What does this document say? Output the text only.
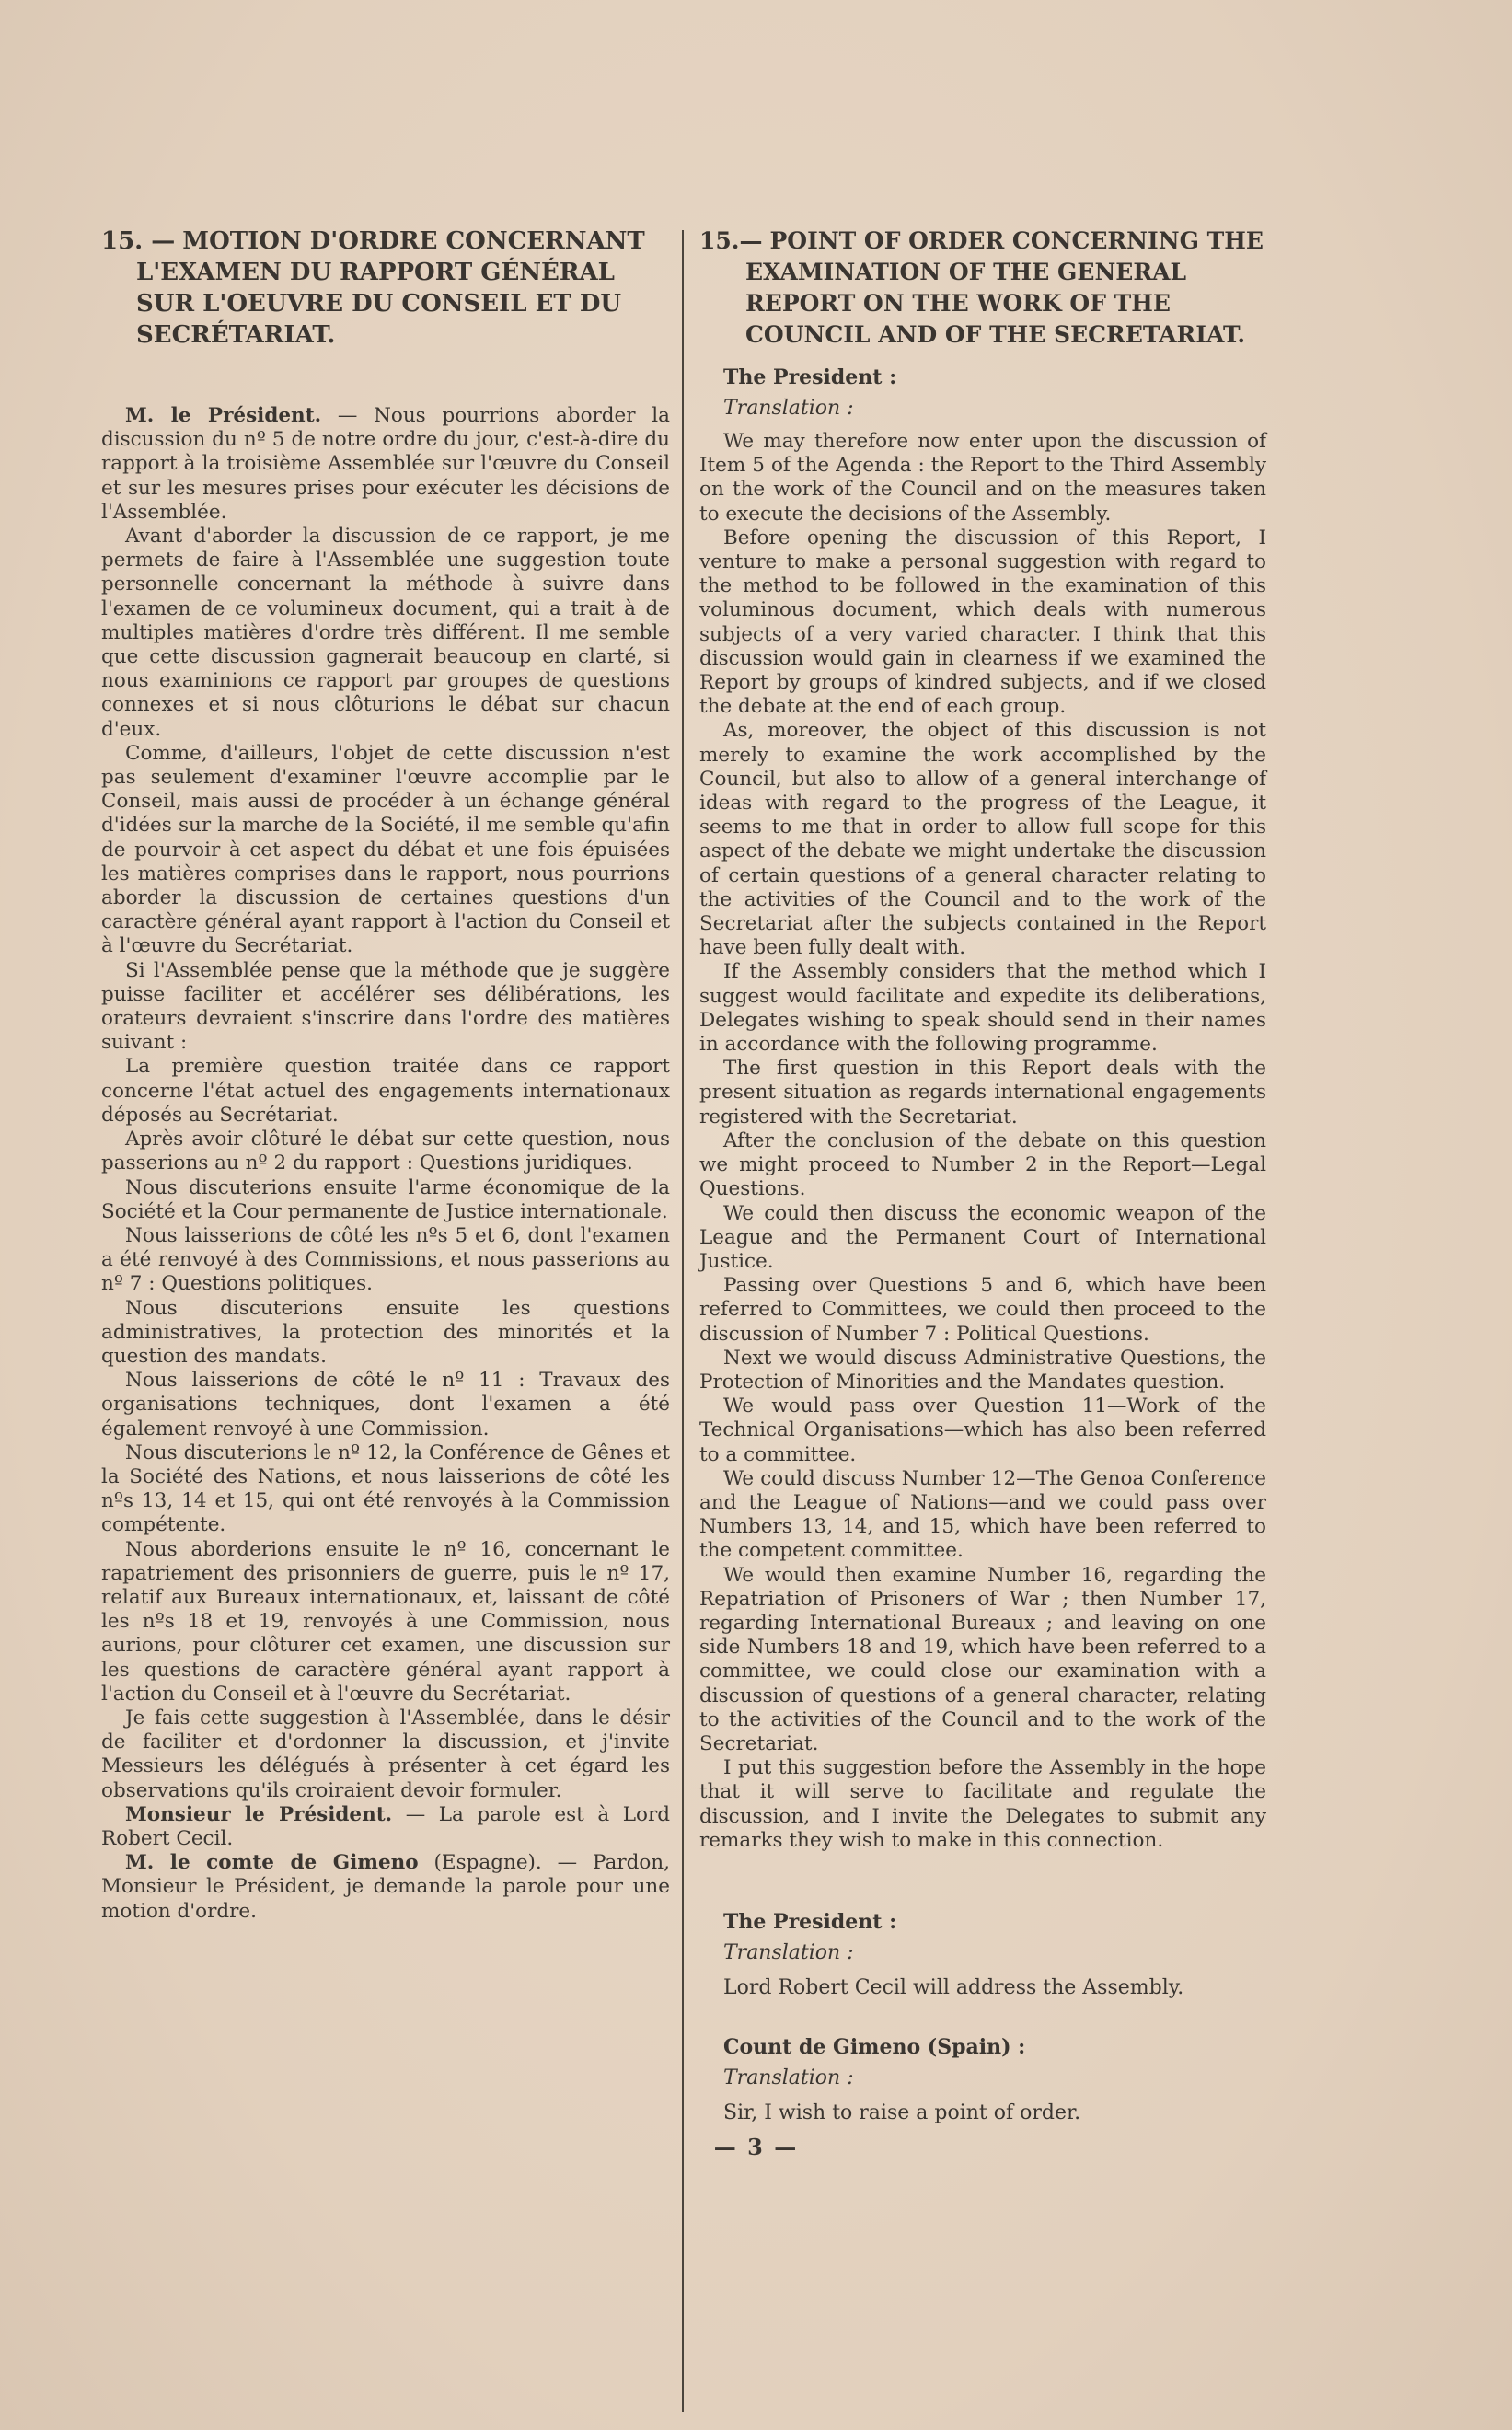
15. — MOTION D'ORDRE CONCERNANT L'EXAMEN DU RAPPORT GÉNÉRAL SUR L'OEUVRE DU CONSEIL ET DU SECRÉTARIAT.

M. le Président. — Nous pourrions aborder la discussion du nº 5 de notre ordre du jour, c'est-à-dire du rapport à la troisième Assemblée sur l'œuvre du Conseil et sur les mesures prises pour exécuter les décisions de l'Assemblée.

Avant d'aborder la discussion de ce rapport, je me permets de faire à l'Assemblée une suggestion toute personnelle concernant la méthode à suivre dans l'examen de ce volumineux document, qui a trait à de multiples matières d'ordre très différent. Il me semble que cette discussion gagnerait beaucoup en clarté, si nous examinions ce rapport par groupes de questions connexes et si nous clôturions le débat sur chacun d'eux.

Comme, d'ailleurs, l'objet de cette discussion n'est pas seulement d'examiner l'œuvre accomplie par le Conseil, mais aussi de procéder à un échange général d'idées sur la marche de la Société, il me semble qu'afin de pourvoir à cet aspect du débat et une fois épuisées les matières comprises dans le rapport, nous pourrions aborder la discussion de certaines questions d'un caractère général ayant rapport à l'action du Conseil et à l'œuvre du Secrétariat.

Si l'Assemblée pense que la méthode que je suggère puisse faciliter et accélérer ses délibérations, les orateurs devraient s'inscrire dans l'ordre des matières suivant :

La première question traitée dans ce rapport concerne l'état actuel des engagements internationaux déposés au Secrétariat.

Après avoir clôturé le débat sur cette question, nous passerions au nº 2 du rapport : Questions juridiques.

Nous discuterions ensuite l'arme économique de la Société et la Cour permanente de Justice internationale.

Nous laisserions de côté les nºs 5 et 6, dont l'examen a été renvoyé à des Commissions, et nous passerions au nº 7 : Questions politiques.

Nous discuterions ensuite les questions administratives, la protection des minorités et la question des mandats.

Nous laisserions de côté le nº 11 : Travaux des organisations techniques, dont l'examen a été également renvoyé à une Commission.

Nous discuterions le nº 12, la Conférence de Gênes et la Société des Nations, et nous laisserions de côté les nºs 13, 14 et 15, qui ont été renvoyés à la Commission compétente.

Nous aborderions ensuite le nº 16, concernant le rapatriement des prisonniers de guerre, puis le nº 17, relatif aux Bureaux internationaux, et, laissant de côté les nºs 18 et 19, renvoyés à une Commission, nous aurions, pour clôturer cet examen, une discussion sur les questions de caractère général ayant rapport à l'action du Conseil et à l'œuvre du Secrétariat.

Je fais cette suggestion à l'Assemblée, dans le désir de faciliter et d'ordonner la discussion, et j'invite Messieurs les délégués à présenter à cet égard les observations qu'ils croiraient devoir formuler.

Monsieur le Président. — La parole est à Lord Robert Cecil.

M. le comte de Gimeno (Espagne). — Pardon, Monsieur le Président, je demande la parole pour une motion d'ordre.

15.— POINT OF ORDER CONCERNING THE EXAMINATION OF THE GENERAL REPORT ON THE WORK OF THE COUNCIL AND OF THE SECRETARIAT.
The President :
Translation :

We may therefore now enter upon the discussion of Item 5 of the Agenda : the Report to the Third Assembly on the work of the Council and on the measures taken to execute the decisions of the Assembly.

Before opening the discussion of this Report, I venture to make a personal suggestion with regard to the method to be followed in the examination of this voluminous document, which deals with numerous subjects of a very varied character. I think that this discussion would gain in clearness if we examined the Report by groups of kindred subjects, and if we closed the debate at the end of each group.

As, moreover, the object of this discussion is not merely to examine the work accomplished by the Council, but also to allow of a general interchange of ideas with regard to the progress of the League, it seems to me that in order to allow full scope for this aspect of the debate we might undertake the discussion of certain questions of a general character relating to the activities of the Council and to the work of the Secretariat after the subjects contained in the Report have been fully dealt with.

If the Assembly considers that the method which I suggest would facilitate and expedite its deliberations, Delegates wishing to speak should send in their names in accordance with the following programme.

The first question in this Report deals with the present situation as regards international engagements registered with the Secretariat.

After the conclusion of the debate on this question we might proceed to Number 2 in the Report—Legal Questions.

We could then discuss the economic weapon of the League and the Permanent Court of International Justice.

Passing over Questions 5 and 6, which have been referred to Committees, we could then proceed to the discussion of Number 7 : Political Questions.

Next we would discuss Administrative Questions, the Protection of Minorities and the Mandates question.

We would pass over Question 11—Work of the Technical Organisations—which has also been referred to a committee.

We could discuss Number 12—The Genoa Conference and the League of Nations—and we could pass over Numbers 13, 14, and 15, which have been referred to the competent committee.

We would then examine Number 16, regarding the Repatriation of Prisoners of War ; then Number 17, regarding International Bureaux ; and leaving on one side Numbers 18 and 19, which have been referred to a committee, we could close our examination with a discussion of questions of a general character, relating to the activities of the Council and to the work of the Secretariat.

I put this suggestion before the Assembly in the hope that it will serve to facilitate and regulate the discussion, and I invite the Delegates to submit any remarks they wish to make in this connection.

The President :
Translation :
Lord Robert Cecil will address the Assembly.
Count de Gimeno (Spain) :
Translation :
Sir, I wish to raise a point of order.
— 3 —
